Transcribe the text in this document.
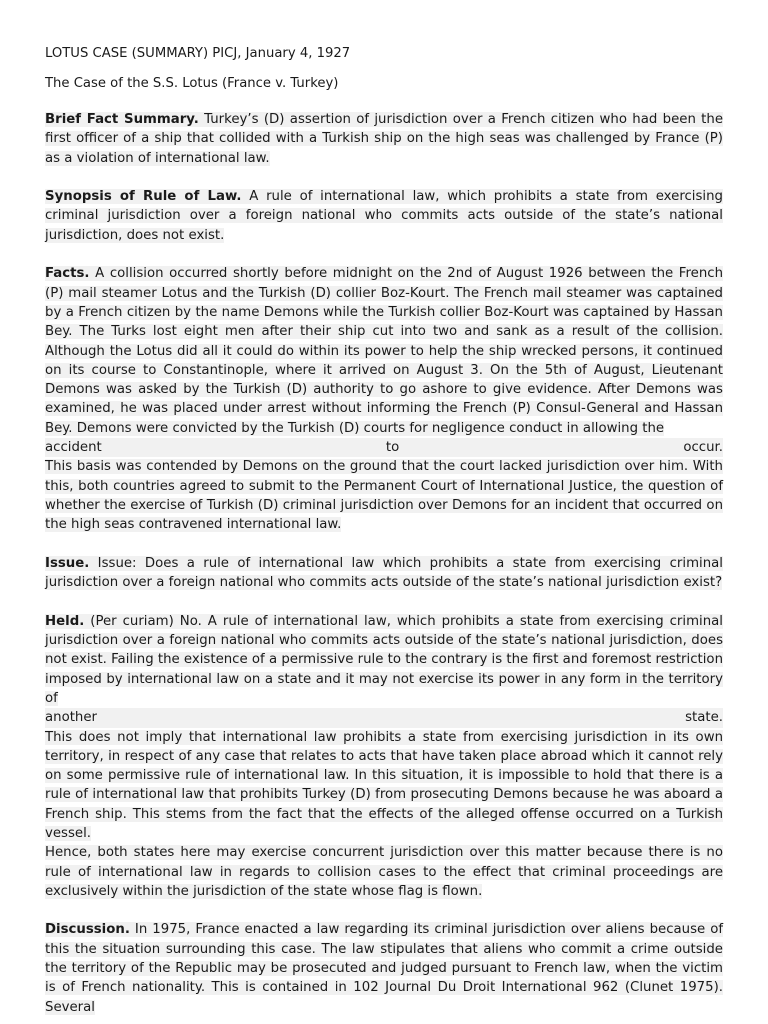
LOTUS CASE (SUMMARY) PICJ, January 4, 1927

The Case of the S.S. Lotus (France v. Turkey)

Brief Fact Summary. Turkey’s (D) assertion of jurisdiction over a French citizen who had been the first officer of a ship that collided with a Turkish ship on the high seas was challenged by France (P) as a violation of international law.

Synopsis of Rule of Law. A rule of international law, which prohibits a state from exercising criminal jurisdiction over a foreign national who commits acts outside of the state’s national jurisdiction, does not exist.

Facts. A collision occurred shortly before midnight on the 2nd of August 1926 between the French (P) mail steamer Lotus and the Turkish (D) collier Boz-Kourt. The French mail steamer was captained by a French citizen by the name Demons while the Turkish collier Boz-Kourt was captained by Hassan Bey. The Turks lost eight men after their ship cut into two and sank as a result of the collision. Although the Lotus did all it could do within its power to help the ship wrecked persons, it continued on its course to Constantinople, where it arrived on August 3. On the 5th of August, Lieutenant Demons was asked by the Turkish (D) authority to go ashore to give evidence. After Demons was examined, he was placed under arrest without informing the French (P) Consul-General and Hassan Bey. Demons were convicted by the Turkish (D) courts for negligence conduct in allowing the

accident to occur.

This basis was contended by Demons on the ground that the court lacked jurisdiction over him. With this, both countries agreed to submit to the Permanent Court of International Justice, the question of whether the exercise of Turkish (D) criminal jurisdiction over Demons for an incident that occurred on the high seas contravened international law.

Issue. Issue: Does a rule of international law which prohibits a state from exercising criminal jurisdiction over a foreign national who commits acts outside of the state’s national jurisdiction exist?

Held. (Per curiam) No. A rule of international law, which prohibits a state from exercising criminal jurisdiction over a foreign national who commits acts outside of the state’s national jurisdiction, does not exist. Failing the existence of a permissive rule to the contrary is the first and foremost restriction imposed by international law on a state and it may not exercise its power in any form in the territory of

another state.

This does not imply that international law prohibits a state from exercising jurisdiction in its own territory, in respect of any case that relates to acts that have taken place abroad which it cannot rely on some permissive rule of international law. In this situation, it is impossible to hold that there is a rule of international law that prohibits Turkey (D) from prosecuting Demons because he was aboard a French ship. This stems from the fact that the effects of the alleged offense occurred on a Turkish vessel.

Hence, both states here may exercise concurrent jurisdiction over this matter because there is no rule of international law in regards to collision cases to the effect that criminal proceedings are exclusively within the jurisdiction of the state whose flag is flown.

Discussion. In 1975, France enacted a law regarding its criminal jurisdiction over aliens because of this the situation surrounding this case. The law stipulates that aliens who commit a crime outside the territory of the Republic may be prosecuted and judged pursuant to French law, when the victim is of French nationality. This is contained in 102 Journal Du Droit International 962 (Clunet 1975). Several
